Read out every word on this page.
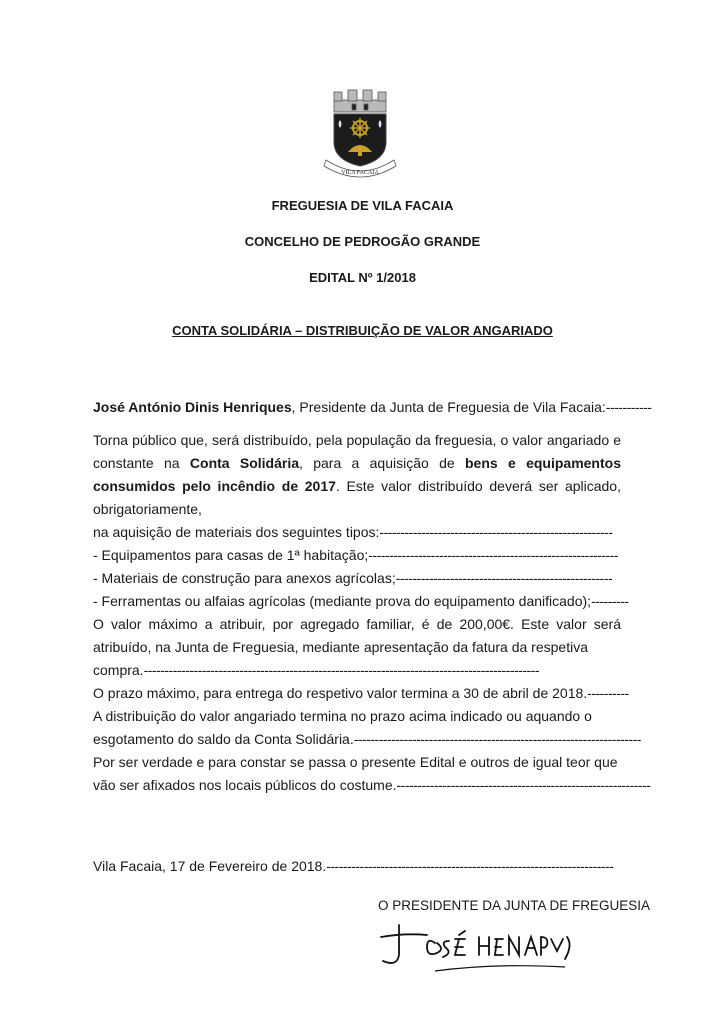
VILA FACAIA
FREGUESIA DE VILA FACAIA
CONCELHO DE PEDROGÃO GRANDE
EDITAL Nº 1/2018
CONTA SOLIDÁRIA – DISTRIBUIÇÃO DE VALOR ANGARIADO

José António Dinis Henriques, Presidente da Junta de Freguesia de Vila Facaia:-----------

Torna público que, será distribuído, pela população da freguesia, o valor angariado e constante na Conta Solidária, para a aquisição de bens e equipamentos consumidos pelo incêndio de 2017. Este valor distribuído deverá ser aplicado, obrigatoriamente,

na aquisição de materiais dos seguintes tipos:--------------------------------------------------------

- Equipamentos para casas de 1ª habitação;------------------------------------------------------------

- Materiais de construção para anexos agrícolas;----------------------------------------------------

- Ferramentas ou alfaias agrícolas (mediante prova do equipamento danificado);---------

O valor máximo a atribuir, por agregado familiar, é de 200,00€. Este valor será atribuído, na Junta de Freguesia, mediante apresentação da fatura da respetiva

compra.-----------------------------------------------------------------------------------------------

O prazo máximo, para entrega do respetivo valor termina a 30 de abril de 2018.----------

A distribuição do valor angariado termina no prazo acima indicado ou aquando o

esgotamento do saldo da Conta Solidária.---------------------------------------------------------------------

Por ser verdade e para constar se passa o presente Edital e outros de igual teor que

vão ser afixados nos locais públicos do costume.-------------------------------------------------------------

Vila Facaia, 17 de Fevereiro de 2018.---------------------------------------------------------------------
O PRESIDENTE DA JUNTA DE FREGUESIA
